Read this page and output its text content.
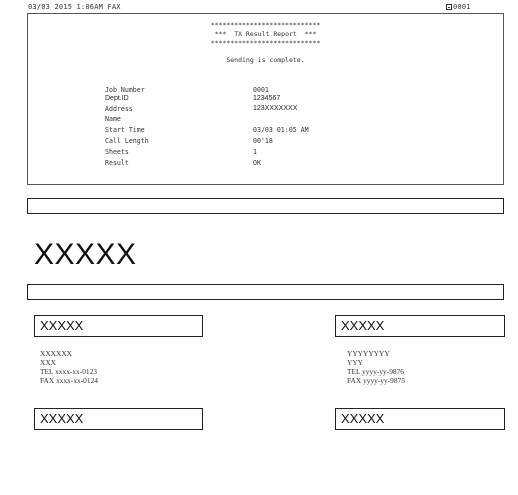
03/03 2015 1:06AM FAX	0001
****************************
***  TX Result Report  ***
****************************
Sending is complete.
Job Number	0001
Dept.ID	1234567
Address	123XXXXXXX
Name
Start Time	03/03 01:05 AM
Call Length	00'18
Sheets	1
Result	OK
XXXXX
XXXXX
XXXXXX
XXX
TEL xxxx-xx-0123
FAX xxxx-xx-0124
XXXXX
XXXXX
YYYYYYYY
YYY
TEL yyyy-yy-9876
FAX yyyy-yy-9875
XXXXX
